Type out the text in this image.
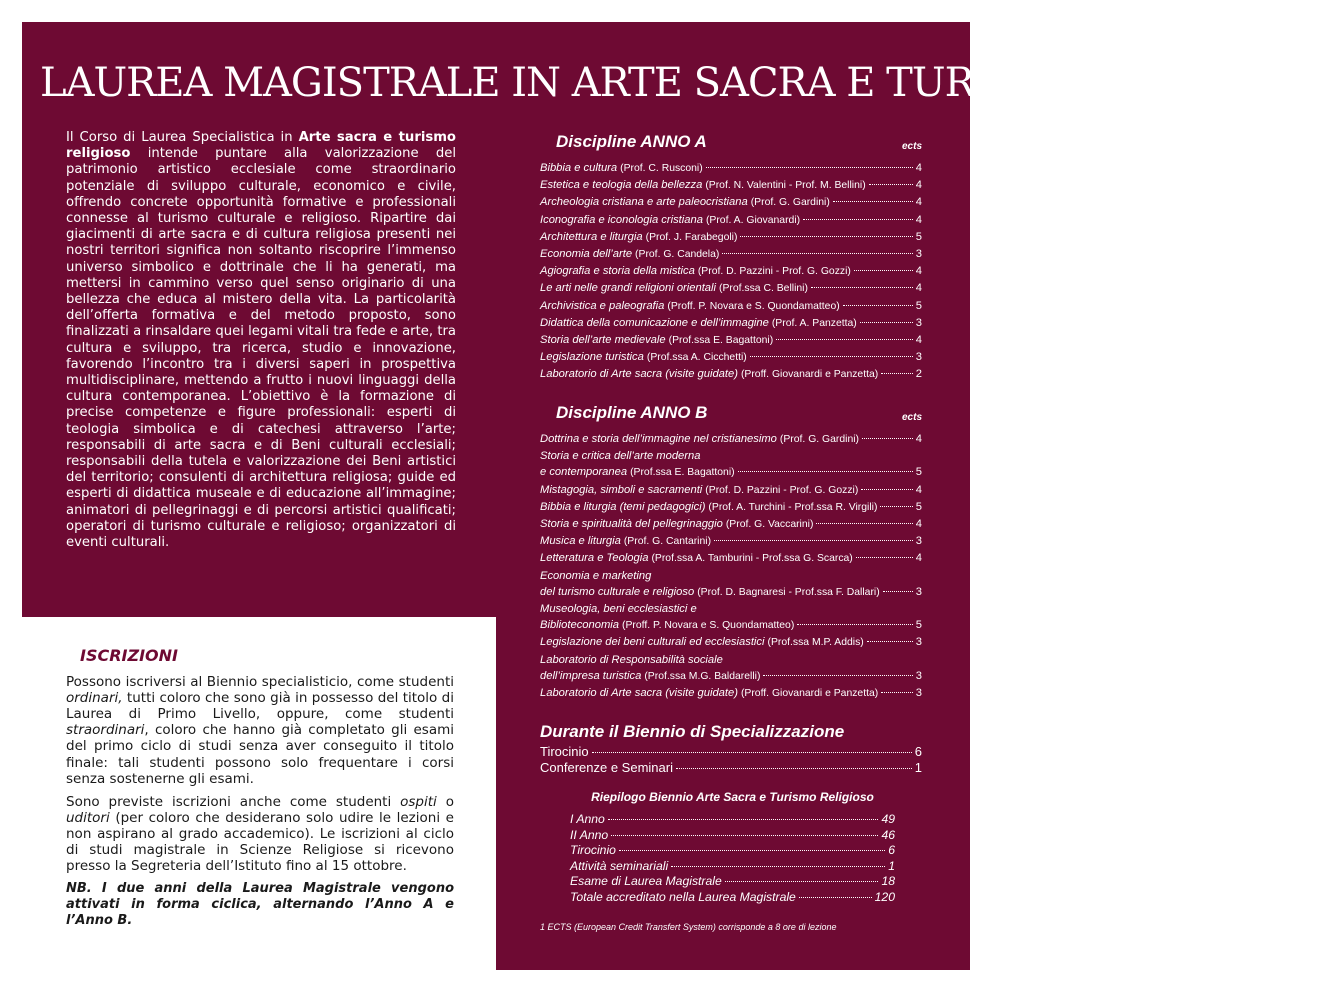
LAUREA MAGISTRALE IN ARTE SACRA E TURISMO RELIGIOSO

Il Corso di Laurea Specialistica in Arte sacra e turismo religioso intende puntare alla valorizzazione del patrimonio artistico ecclesiale come straordinario potenziale di sviluppo culturale, economico e civile, offrendo concrete opportunità formative e professionali connesse al turismo culturale e religioso. Ripartire dai giacimenti di arte sacra e di cultura religiosa presenti nei nostri territori significa non soltanto riscoprire l’immenso universo simbolico e dottrinale che li ha generati, ma mettersi in cammino verso quel senso originario di una bellezza che educa al mistero della vita. La particolarità dell’offerta formativa e del metodo proposto, sono finalizzati a rinsaldare quei legami vitali tra fede e arte, tra cultura e sviluppo, tra ricerca, studio e innovazione, favorendo l’incontro tra i diversi saperi in prospettiva multidisciplinare, mettendo a frutto i nuovi linguaggi della cultura contemporanea. L’obiettivo è la formazione di precise competenze e figure professionali: esperti di teologia simbolica e di catechesi attraverso l’arte; responsabili di arte sacra e di Beni culturali ecclesiali; responsabili della tutela e valorizzazione dei Beni artistici del territorio; consulenti di architettura religiosa; guide ed esperti di didattica museale e di educazione all’immagine; animatori di pellegrinaggi e di percorsi artistici qualificati; operatori di turismo culturale e religioso; organizzatori di eventi culturali.

ISCRIZIONI

Possono iscriversi al Biennio specialisticio, come studenti ordinari, tutti coloro che sono già in possesso del titolo di Laurea di Primo Livello, oppure, come studenti straordinari, coloro che hanno già completato gli esami del primo ciclo di studi senza aver conseguito il titolo finale: tali studenti possono solo frequentare i corsi senza sostenerne gli esami.

Sono previste iscrizioni anche come studenti ospiti o uditori (per coloro che desiderano solo udire le lezioni e non aspirano al grado accademico). Le iscrizioni al ciclo di studi magistrale in Scienze Religiose si ricevono presso la Segreteria dell’Istituto fino al 15 ottobre.

NB. I due anni della Laurea Magistrale vengono attivati in forma ciclica, alternando l’Anno A e l’Anno B.

Discipline ANNO A	ects
Bibbia e cultura (Prof. C. Rusconi)	4
Estetica e teologia della bellezza (Prof. N. Valentini - Prof. M. Bellini)	4
Archeologia cristiana e arte paleocristiana (Prof. G. Gardini)	4
Iconografia e iconologia cristiana (Prof. A. Giovanardi)	4
Architettura e liturgia (Prof. J. Farabegoli)	5
Economia dell’arte (Prof. G. Candela)	3
Agiografia e storia della mistica (Prof. D. Pazzini - Prof. G. Gozzi)	4
Le arti nelle grandi religioni orientali (Prof.ssa C. Bellini)	4
Archivistica e paleografia (Proff. P. Novara e S. Quondamatteo)	5
Didattica della comunicazione e dell’immagine (Prof. A. Panzetta)	3
Storia dell’arte medievale (Prof.ssa E. Bagattoni)	4
Legislazione turistica (Prof.ssa A. Cicchetti)	3
Laboratorio di Arte sacra (visite guidate) (Proff. Giovanardi e Panzetta)	2
Discipline ANNO B	ects
Dottrina e storia dell’immagine nel cristianesimo (Prof. G. Gardini)	4
Storia e critica dell’arte moderna
e contemporanea (Prof.ssa E. Bagattoni)	5
Mistagogia, simboli e sacramenti (Prof. D. Pazzini - Prof. G. Gozzi)	4
Bibbia e liturgia (temi pedagogici) (Prof. A. Turchini - Prof.ssa R. Virgili)	5
Storia e spiritualità del pellegrinaggio (Prof. G. Vaccarini)	4
Musica e liturgia (Prof. G. Cantarini)	3
Letteratura e Teologia (Prof.ssa A. Tamburini - Prof.ssa G. Scarca)	4
Economia e marketing
del turismo culturale e religioso (Prof. D. Bagnaresi - Prof.ssa F. Dallari)	3
Museologia, beni ecclesiastici e
Biblioteconomia (Proff. P. Novara e S. Quondamatteo)	5
Legislazione dei beni culturali ed ecclesiastici (Prof.ssa M.P. Addis)	3
Laboratorio di Responsabilità sociale
dell’impresa turistica (Prof.ssa M.G. Baldarelli)	3
Laboratorio di Arte sacra (visite guidate) (Proff. Giovanardi e Panzetta)	3
Durante il Biennio di Specializzazione
Tirocinio	6
Conferenze e Seminari	1
Riepilogo Biennio Arte Sacra e Turismo Religioso
I Anno	49
II Anno	46
Tirocinio	6
Attività seminariali	1
Esame di Laurea Magistrale	18
Totale accreditato nella Laurea Magistrale	120
1 ECTS (European Credit Transfert System) corrisponde a 8 ore di lezione
